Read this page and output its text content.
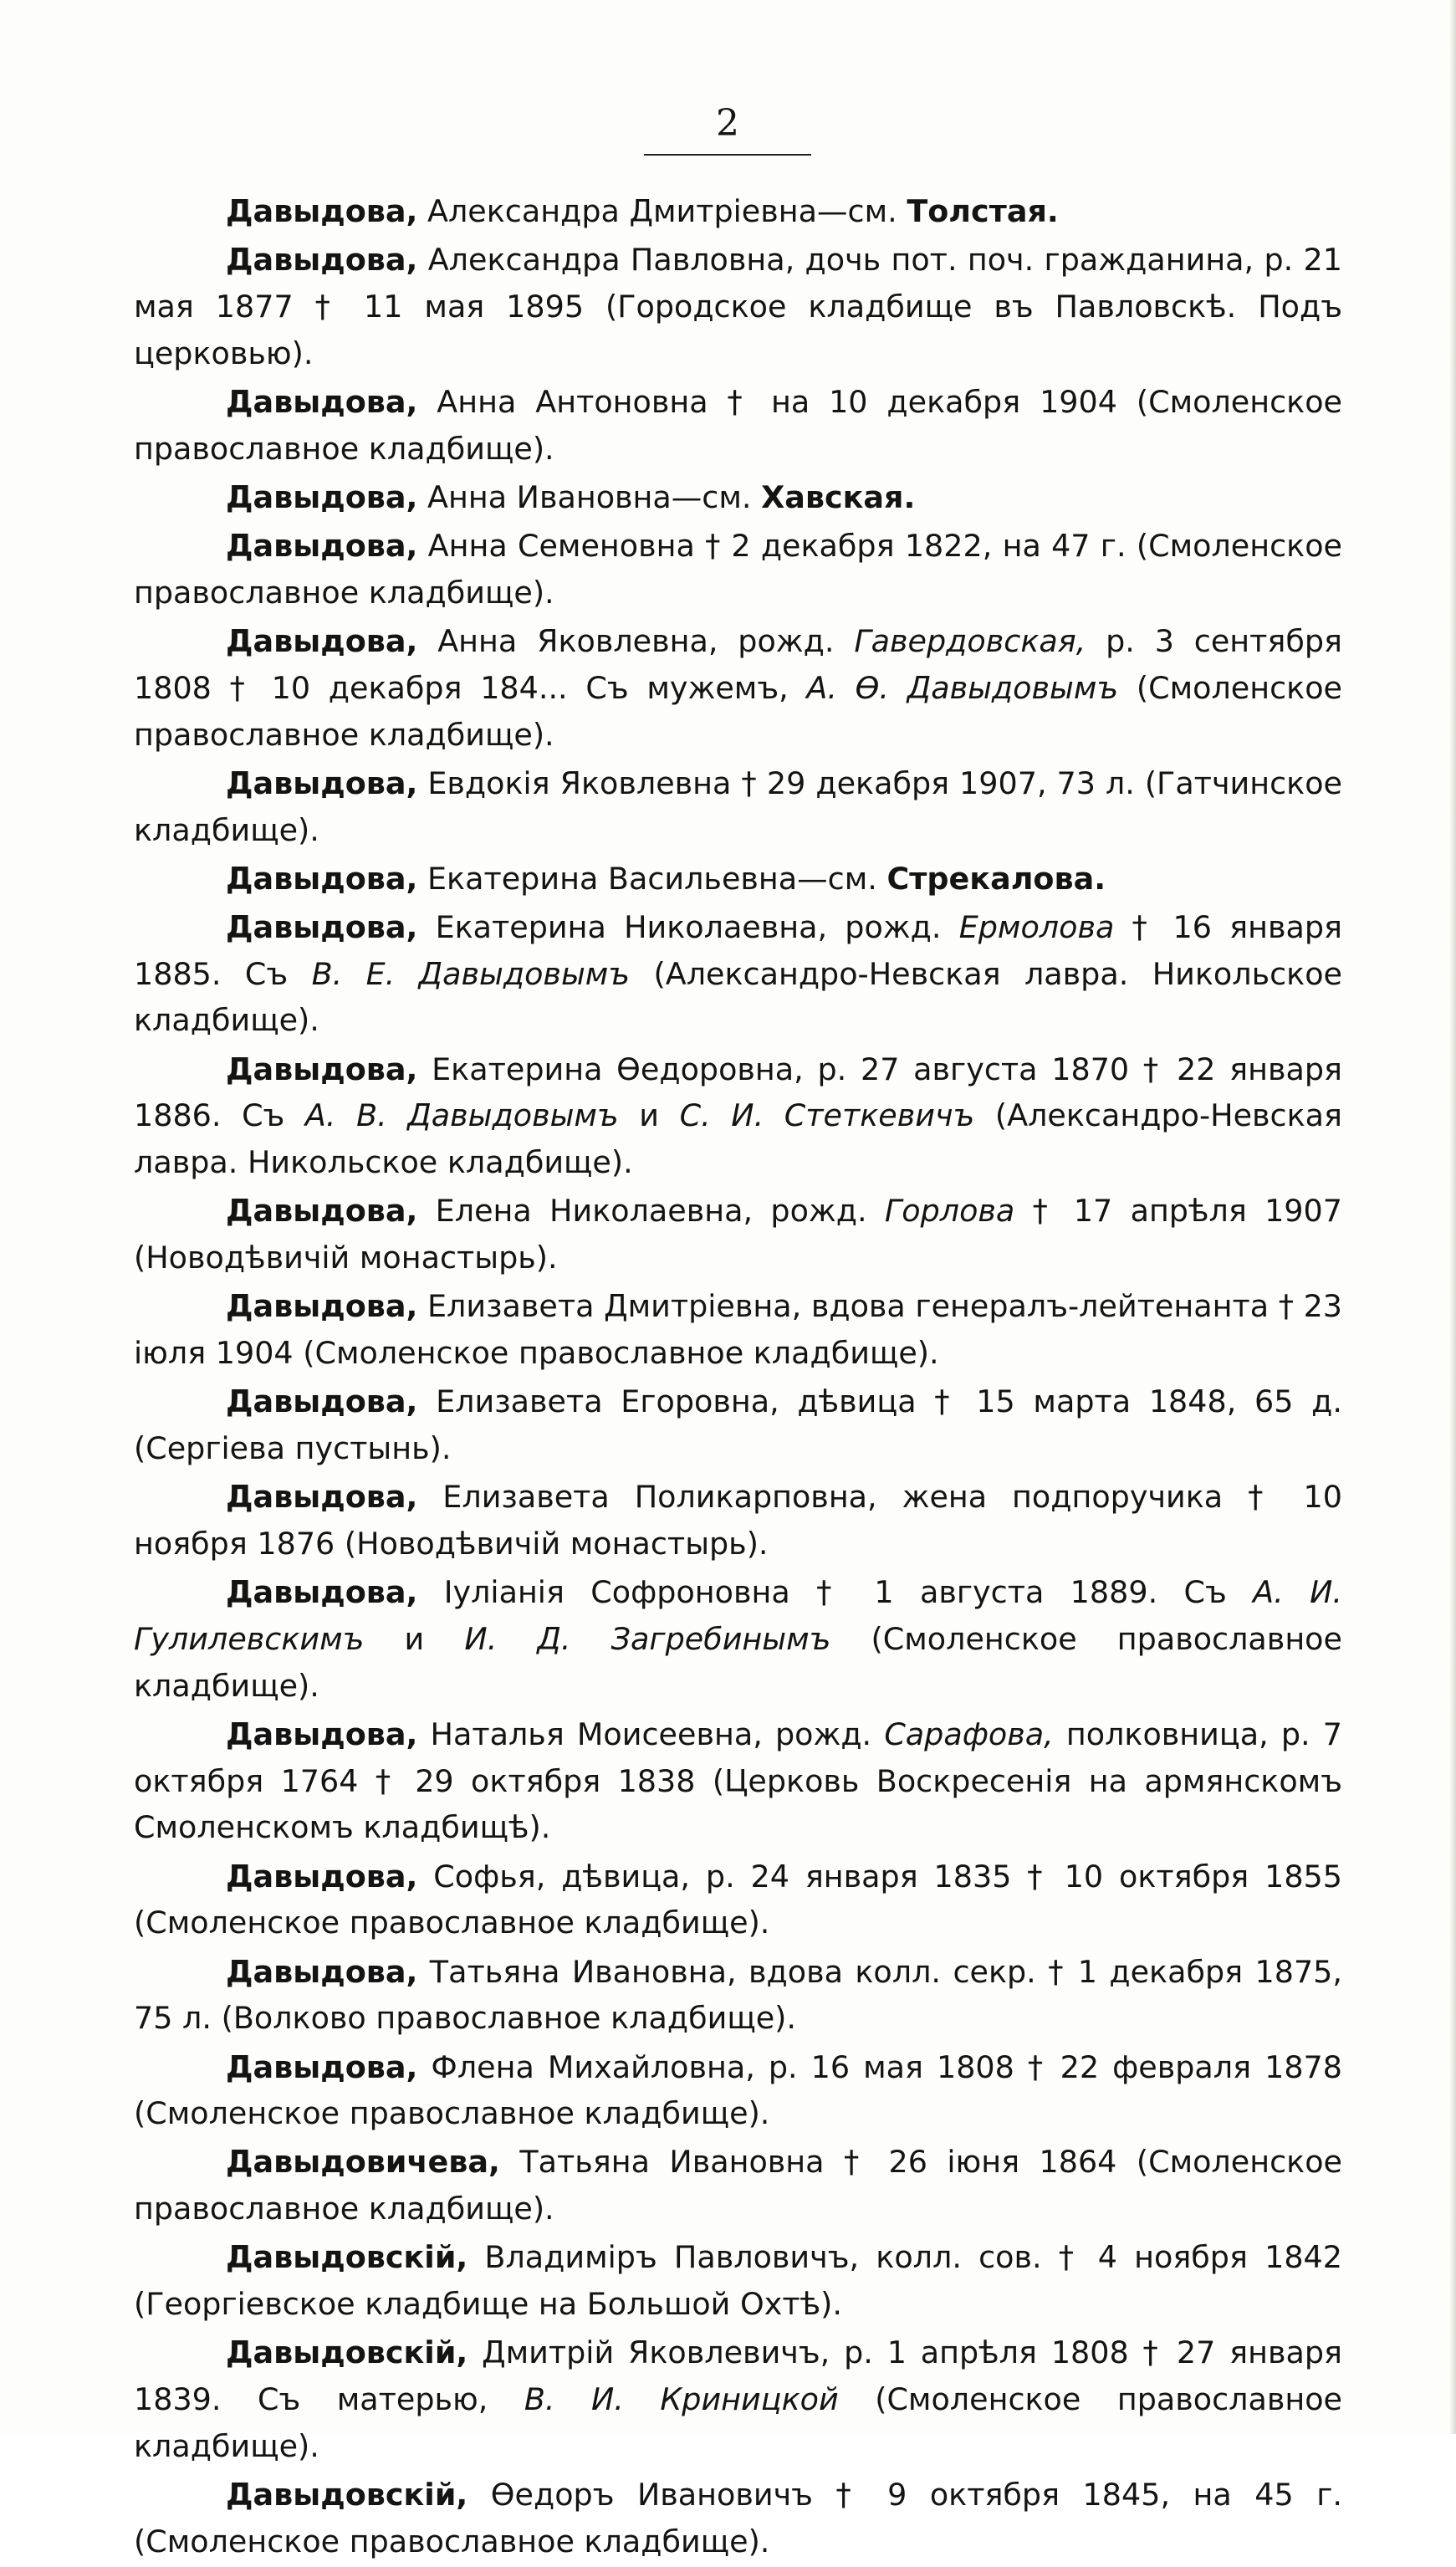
2

Давыдова, Александра Дмитріевна—см. Толстая.

Давыдова, Александра Павловна, дочь пот. поч. гражданина, р. 21 мая 1877 † 11 мая 1895 (Городское кладбище въ Павловскѣ. Подъ церковью).

Давыдова, Анна Антоновна † на 10 декабря 1904 (Смоленское православное кладбище).

Давыдова, Анна Ивановна—см. Хавская.

Давыдова, Анна Семеновна † 2 декабря 1822, на 47 г. (Смоленское православное кладбище).

Давыдова, Анна Яковлевна, рожд. Гавердовская, р. 3 сентября 1808 † 10 декабря 184... Съ мужемъ, А. Ѳ. Давыдовымъ (Смоленское православное кладбище).

Давыдова, Евдокія Яковлевна † 29 декабря 1907, 73 л. (Гатчинское кладбище).

Давыдова, Екатерина Васильевна—см. Стрекалова.

Давыдова, Екатерина Николаевна, рожд. Ермолова † 16 января 1885. Съ В. Е. Давыдовымъ (Александро-Невская лавра. Никольское кладбище).

Давыдова, Екатерина Ѳедоровна, р. 27 августа 1870 † 22 января 1886. Съ А. В. Давыдовымъ и С. И. Стеткевичъ (Александро-Невская лавра. Никольское кладбище).

Давыдова, Елена Николаевна, рожд. Горлова † 17 апрѣля 1907 (Новодѣвичій монастырь).

Давыдова, Елизавета Дмитріевна, вдова генералъ-лейтенанта † 23 іюля 1904 (Смоленское православное кладбище).

Давыдова, Елизавета Егоровна, дѣвица † 15 марта 1848, 65 д. (Сергіева пустынь).

Давыдова, Елизавета Поликарповна, жена подпоручика † 10 ноября 1876 (Новодѣвичій монастырь).

Давыдова, Іуліанія Софроновна † 1 августа 1889. Съ А. И. Гулилевскимъ и И. Д. Загребинымъ (Смоленское православное кладбище).

Давыдова, Наталья Моисеевна, рожд. Сарафова, полковница, р. 7 октября 1764 † 29 октября 1838 (Церковь Воскресенія на армянскомъ Смоленскомъ кладбищѣ).

Давыдова, Софья, дѣвица, р. 24 января 1835 † 10 октября 1855 (Смоленское православное кладбище).

Давыдова, Татьяна Ивановна, вдова колл. секр. † 1 декабря 1875, 75 л. (Волково православное кладбище).

Давыдова, Флена Михайловна, р. 16 мая 1808 † 22 февраля 1878 (Смоленское православное кладбище).

Давыдовичева, Татьяна Ивановна † 26 іюня 1864 (Смоленское православное кладбище).

Давыдовскій, Владиміръ Павловичъ, колл. сов. † 4 ноября 1842 (Георгіевское кладбище на Большой Охтѣ).

Давыдовскій, Дмитрій Яковлевичъ, р. 1 апрѣля 1808 † 27 января 1839. Съ матерью, В. И. Криницкой (Смоленское православное кладбище).

Давыдовскій, Ѳедоръ Ивановичъ † 9 октября 1845, на 45 г. (Смоленское православное кладбище).
